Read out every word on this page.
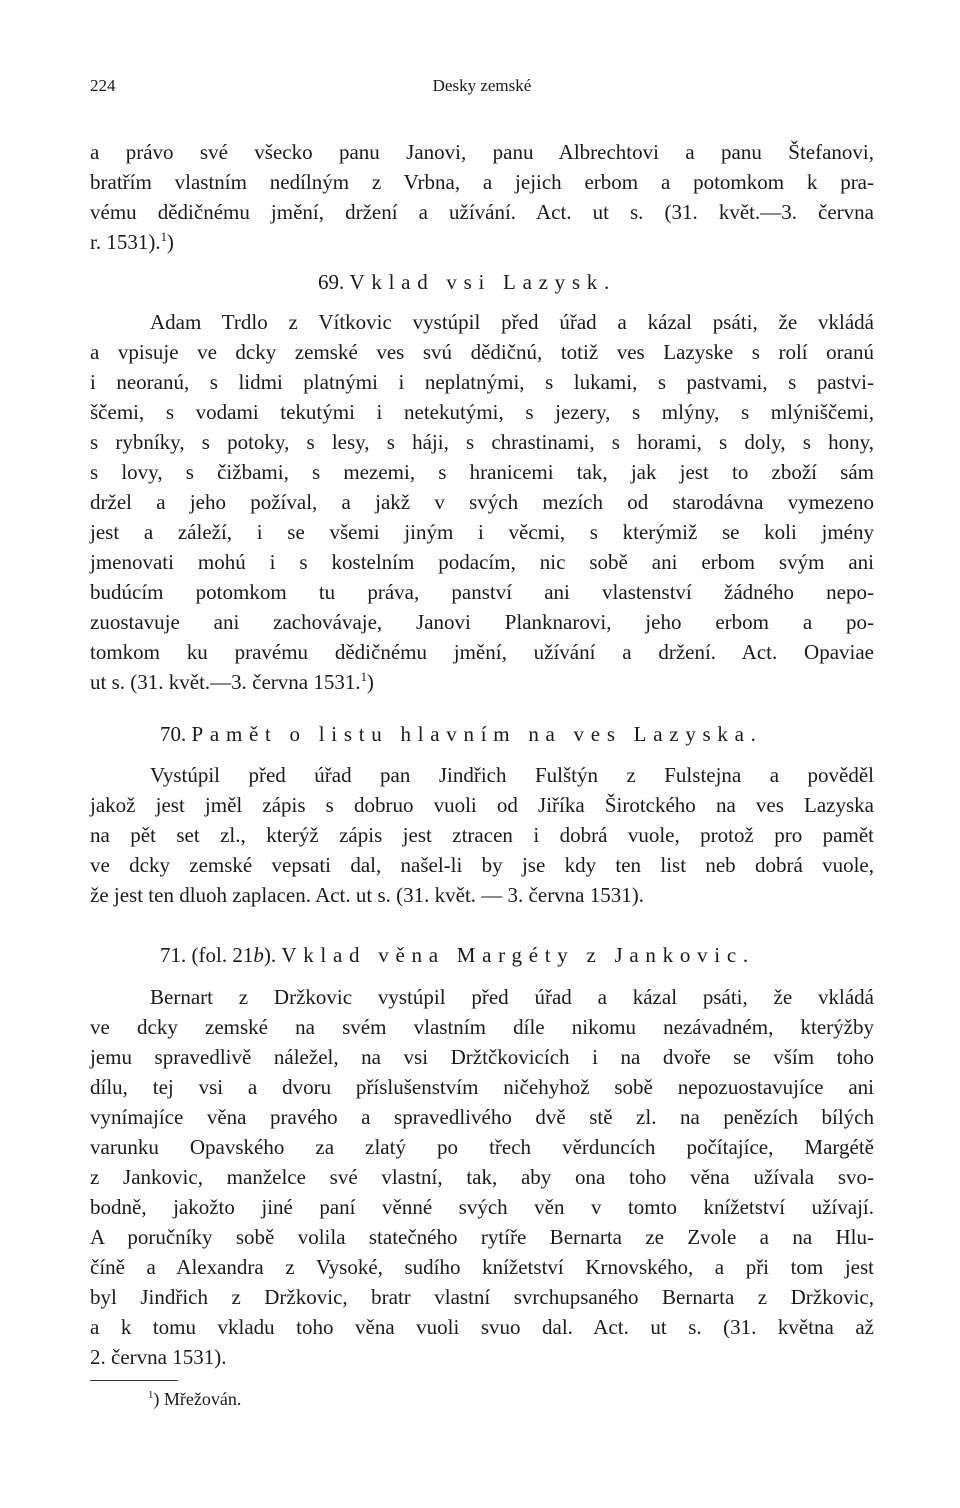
224	Desky zemské
a právo své všecko panu Janovi, panu Albrechtovi a panu Štefanovi,
bratřím vlastním nedílným z Vrbna, a jejich erbom a potomkom k pra-
vému dědičnému jmění, držení a užívání. Act. ut s. (31. květ.—3. června
r. 1531).$^1$)
69. Vklad vsi Lazysk.
Adam Trdlo z Vítkovic vystúpil před úřad a kázal psáti, že vkládá
a vpisuje ve dcky zemské ves svú dědičnú, totiž ves Lazyske s rolí oranú
i neoranú, s lidmi platnými i neplatnými, s lukami, s pastvami, s pastvi-
ščemi, s vodami tekutými i netekutými, s jezery, s mlýny, s mlýniščemi,
s rybníky, s potoky, s lesy, s háji, s chrastinami, s horami, s doly, s hony,
s lovy, s čižbami, s mezemi, s hranicemi tak, jak jest to zboží sám
držel a jeho požíval, a jakž v svých mezích od starodávna vymezeno
jest a záleží, i se všemi jiným i věcmi, s kterýmiž se koli jmény
jmenovati mohú i s kostelním podacím, nic sobě ani erbom svým ani
budúcím potomkom tu práva, panství ani vlastenství žádného nepo-
zuostavuje ani zachovávaje, Janovi Planknarovi, jeho erbom a po-
tomkom ku pravému dědičnému jmění, užívání a držení. Act. Opaviae
ut s. (31. květ.—3. června 1531.$^1$)
70. Pamět o listu hlavním na ves Lazyska.
Vystúpil před úřad pan Jindřich Fulštýn z Fulstejna a pověděl
jakož jest jměl zápis s dobruo vuoli od Jiříka Širotckého na ves Lazyska
na pět set zl., kterýž zápis jest ztracen i dobrá vuole, protož pro pamět
ve dcky zemské vepsati dal, našel-li by jse kdy ten list neb dobrá vuole,
že jest ten dluoh zaplacen. Act. ut s. (31. květ. — 3. června 1531).
71. (fol. 21b). Vklad věna Margéty z Jankovic.
Bernart z Držkovic vystúpil před úřad a kázal psáti, že vkládá
ve dcky zemské na svém vlastním díle nikomu nezávadném, kterýžby
jemu spravedlivě náležel, na vsi Držtčkovicích i na dvoře se vším toho
dílu, tej vsi a dvoru příslušenstvím ničehyhož sobě nepozuostavujíce ani
vynímajíce věna pravého a spravedlivého dvě stě zl. na penězích bílých
varunku Opavského za zlatý po třech věrduncích počítajíce, Margétě
z Jankovic, manželce své vlastní, tak, aby ona toho věna užívala svo-
bodně, jakožto jiné paní věnné svých věn v tomto knížetství užívají.
A poručníky sobě volila statečného rytíře Bernarta ze Zvole a na Hlu-
číně a Alexandra z Vysoké, sudího knížetství Krnovského, a při tom jest
byl Jindřich z Držkovic, bratr vlastní svrchupsaného Bernarta z Držkovic,
a k tomu vkladu toho věna vuoli svuo dal. Act. ut s. (31. května až
2. června 1531).
$^1$) Mřežován.
